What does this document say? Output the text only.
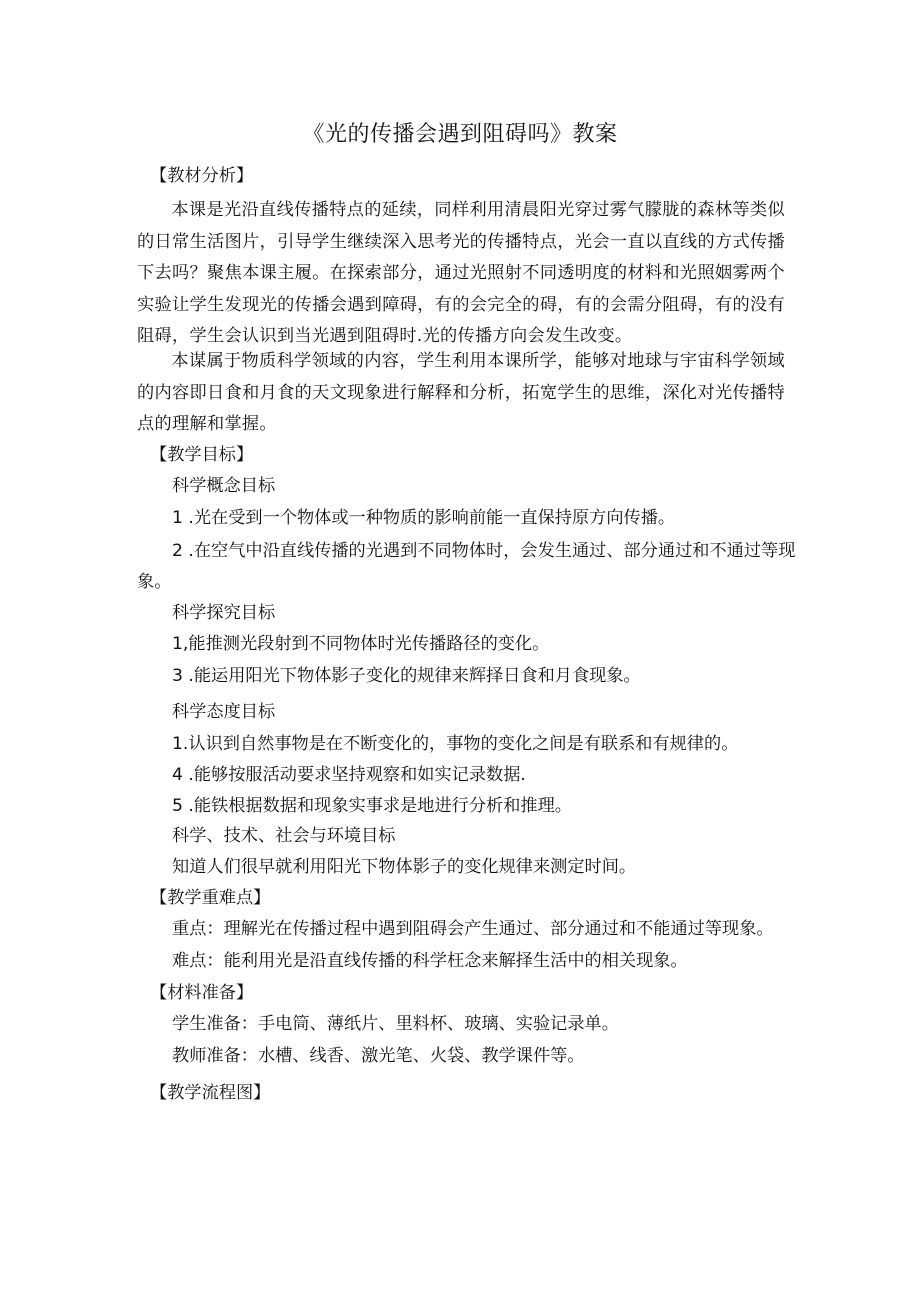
《光的传播会遇到阻碍吗》教案
【教材分析】
本课是光沿直线传播特点的延续，同样利用清晨阳光穿过雾气朦胧的森林等类似的日常生活图片，引导学生继续深入思考光的传播特点，光会一直以直线的方式传播下去吗？聚焦本课主履。在探索部分，通过光照射不同透明度的材料和光照姻雾两个实验让学生发现光的传播会遇到障碍，有的会完全的碍，有的会需分阻碍，有的没有阻碍，学生会认识到当光遇到阻碍时.光的传播方向会发生改变。
本谋属于物质科学领域的内容，学生利用本课所学，能够对地球与宇宙科学领域的内容即日食和月食的天文现象进行解释和分析，拓宽学生的思维，深化对光传播特点的理解和掌握。
【教学目标】
科学概念目标
1 .光在受到一个物体或一种物质的影响前能一直保持原方向传播。
2 .在空气中沿直线传播的光遇到不同物体时，会发生通过、部分通过和不通过等现
象。
科学探究目标
1,能推测光段射到不同物体时光传播路径的变化。
3 .能运用阳光下物体影子变化的规律来辉择日食和月食现象。
科学态度目标
1.认识到自然事物是在不断变化的，事物的变化之间是有联系和有规律的。
4 .能够按服活动要求坚持观察和如实记录数据.
5 .能铁根据数据和现象实事求是地进行分析和推理。
科学、技术、社会与环境目标
知道人们很早就利用阳光下物体影子的变化规律来测定时间。
【教学重难点】
重点：理解光在传播过程中遇到阻碍会产生通过、部分通过和不能通过等现象。
难点：能利用光是沿直线传播的科学枉念来解择生活中的相关现象。
【材料准备】
学生准备：手电筒、薄纸片、里料杯、玻璃、实验记录单。
教师准备：水槽、线香、激光笔、火袋、教学课件等。
【教学流程图】
